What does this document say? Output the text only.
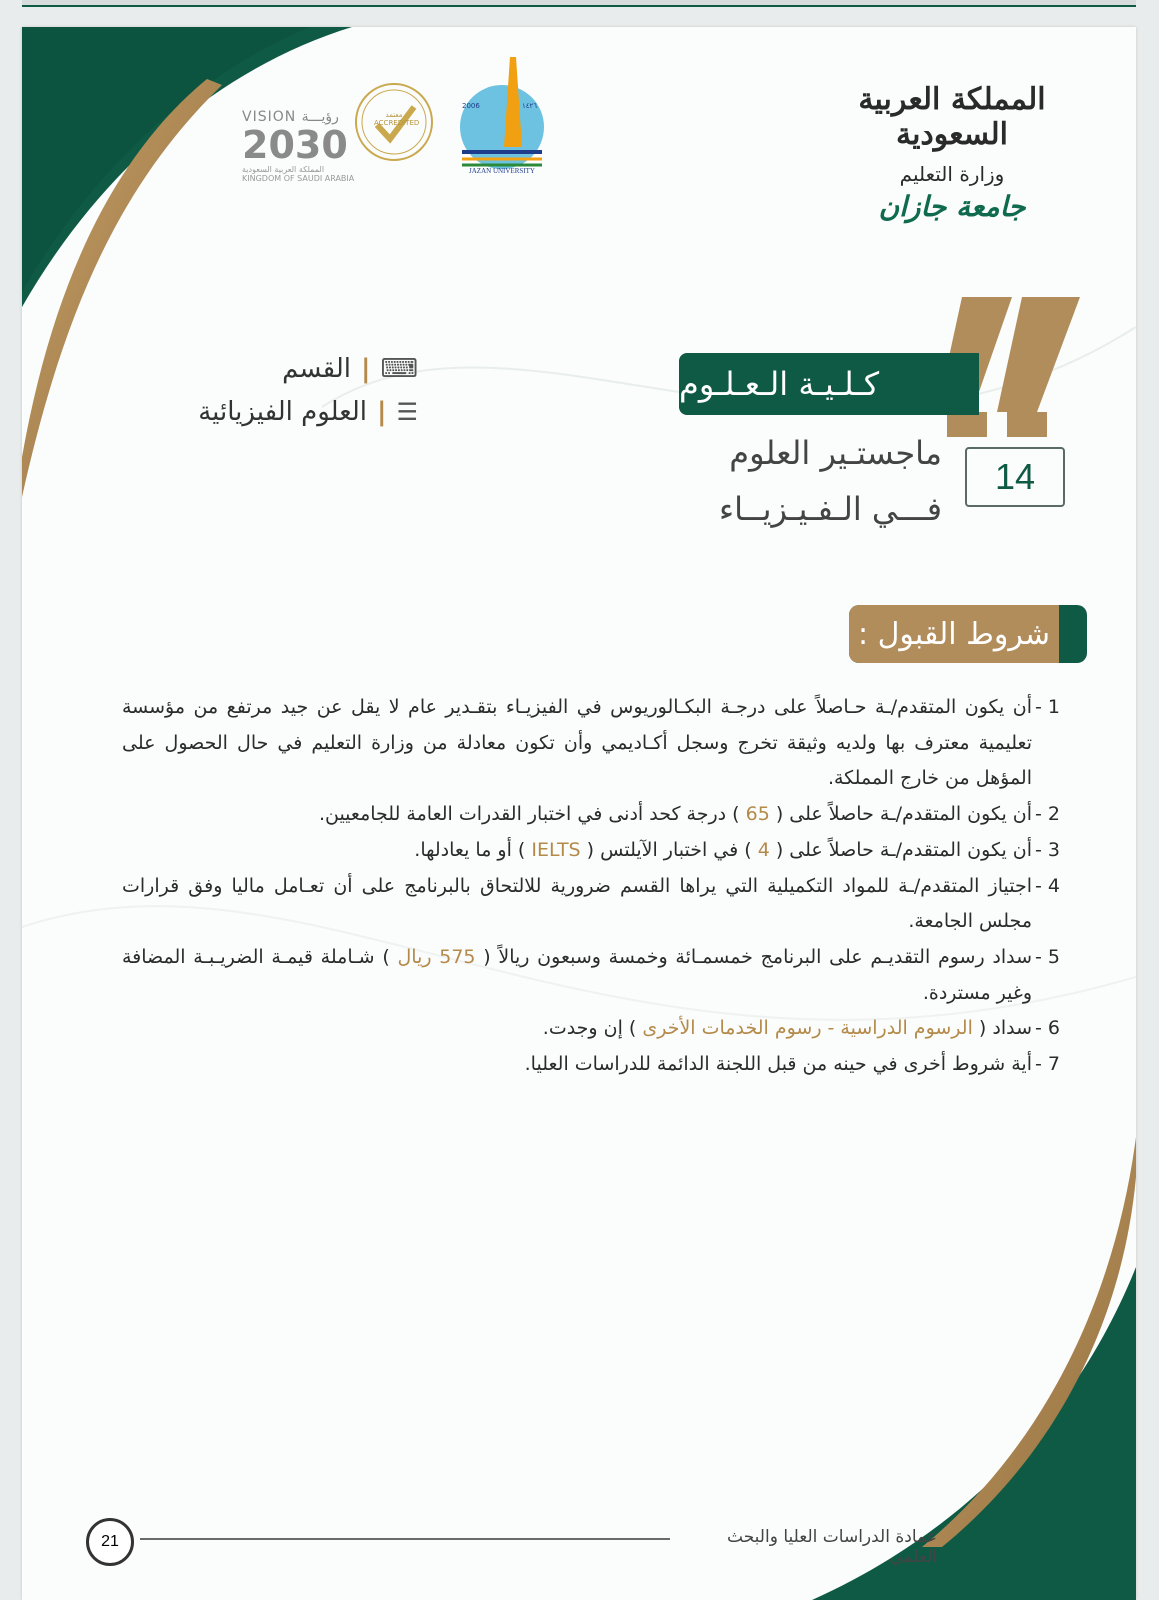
المملكة العربية السعودية
وزارة التعليم
جامعة جازان
VISION رؤيـــة
2030
المملكة العربية السعودية
KINGDOM OF SAUDI ARABIA
معتمد
ACCREDITED
2006	١٤٢٦
JAZAN UNIVERSITY
كـلـيـة الـعـلـوم
ماجستـير العلوم
فـــي الـفـيـزيــاء
14
⌨
|
القسم
☰
|
العلوم الفيزيائية
شروط القبول :
1 -
أن يكون المتقدم/ـة حـاصلاً على درجـة البكـالوريوس في الفيزيـاء بتقـدير عام لا يقل عن جيد مرتفع من مؤسسة تعليمية معترف بها ولديه وثيقة تخرج وسجل أكـاديمي وأن تكون معادلة من وزارة التعليم في حال الحصول على المؤهل من خارج المملكة.
2 -
أن يكون المتقدم/ـة حاصلاً على ( 65 ) درجة كحد أدنى في اختبار القدرات العامة للجامعيين.
3 -
أن يكون المتقدم/ـة حاصلاً على ( 4 ) في اختبار الآيلتس ( IELTS ) أو ما يعادلها.
4 -
اجتياز المتقدم/ـة للمواد التكميلية التي يراها القسم ضرورية للالتحاق بالبرنامج على أن تعـامل ماليا وفق قرارات مجلس الجامعة.
5 -
سداد رسوم التقديـم على البرنامج خمسمـائة وخمسة وسبعون ريالاً ( 575 ريال ) شـاملة قيمـة الضريـبـة المضافة وغير مستردة.
6 -
سداد ( الرسوم الدراسية - رسوم الخدمات الأخرى ) إن وجدت.
7 -
أية شروط أخرى في حينه من قبل اللجنة الدائمة للدراسات العليا.
عمادة الدراسات العليا والبحث العلمي
21
